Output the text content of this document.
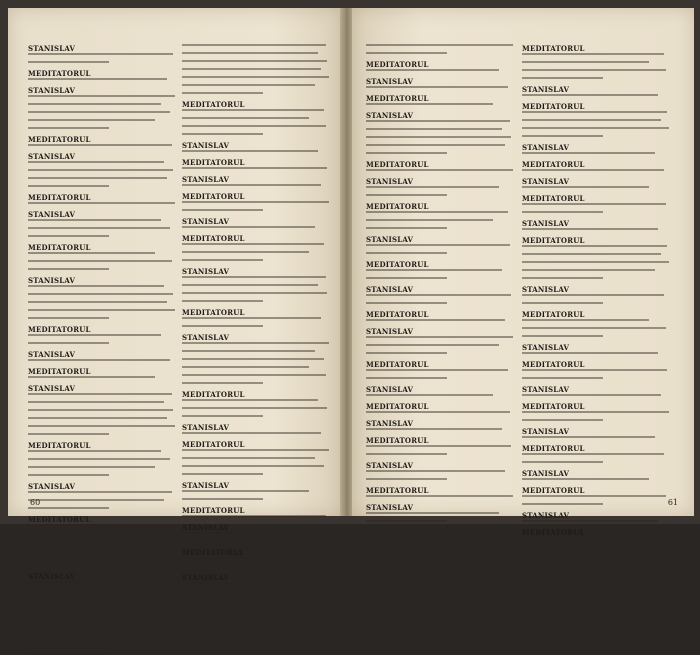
STANISLAV
MEDITATORUL
STANISLAV
MEDITATORUL
STANISLAV
MEDITATORUL
STANISLAV
MEDITATORUL
STANISLAV
MEDITATORUL
STANISLAV
MEDITATORUL
STANISLAV
MEDITATORUL
STANISLAV
MEDITATORUL
STANISLAV
MEDITATORUL
STANISLAV
MEDITATORUL
STANISLAV
MEDITATORUL
STANISLAV
MEDITATORUL
STANISLAV
MEDITATORUL
STANISLAV
MEDITATORUL
STANISLAV
MEDITATORUL
STANISLAV
MEDITATORUL
STANISLAV
MEDITATORUL
STANISLAV
60
MEDITATORUL
STANISLAV
MEDITATORUL
STANISLAV
MEDITATORUL
STANISLAV
MEDITATORUL
STANISLAV
MEDITATORUL
STANISLAV
MEDITATORUL
STANISLAV
MEDITATORUL
STANISLAV
MEDITATORUL
STANISLAV
MEDITATORUL
STANISLAV
MEDITATORUL
STANISLAV
MEDITATORUL
STANISLAV
MEDITATORUL
STANISLAV
MEDITATORUL
STANISLAV
MEDITATORUL
STANISLAV
MEDITATORUL
STANISLAV
MEDITATORUL
STANISLAV
MEDITATORUL
STANISLAV
MEDITATORUL
STANISLAV
MEDITATORUL
STANISLAV
MEDITATORUL
STANISLAV
MEDITATORUL
61
